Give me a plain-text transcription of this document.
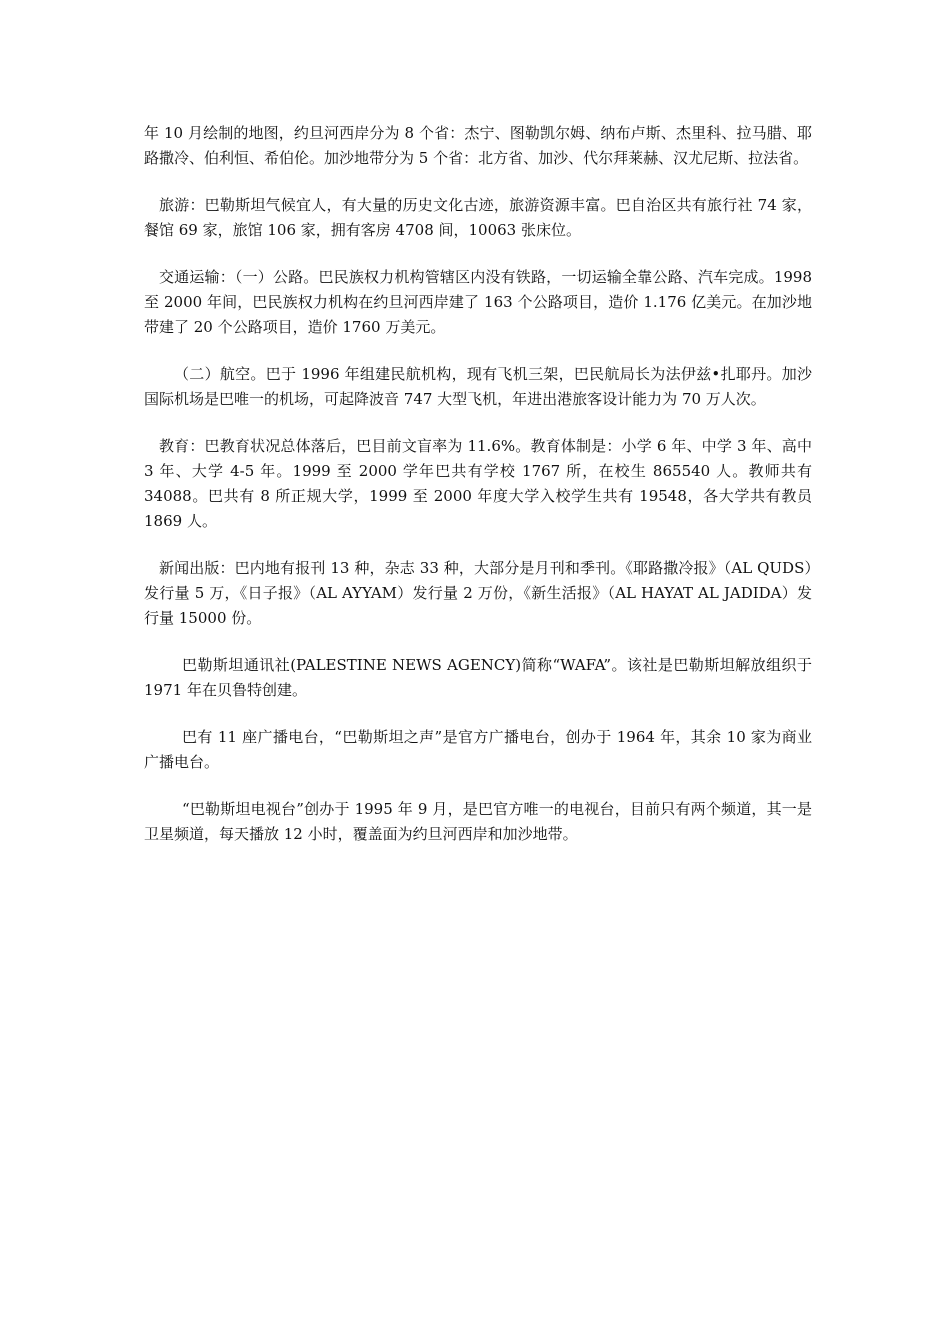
年 10 月绘制的地图，约旦河西岸分为 8 个省：杰宁、图勒凯尔姆、纳布卢斯、杰里科、拉马腊、耶路撒冷、伯利恒、希伯伦。加沙地带分为 5 个省：北方省、加沙、代尔拜莱赫、汉尤尼斯、拉法省。

旅游：巴勒斯坦气候宜人，有大量的历史文化古迹，旅游资源丰富。巴自治区共有旅行社 74 家，餐馆 69 家，旅馆 106 家，拥有客房 4708 间，10063 张床位。

交通运输：（一）公路。巴民族权力机构管辖区内没有铁路，一切运输全靠公路、汽车完成。1998 至 2000 年间，巴民族权力机构在约旦河西岸建了 163 个公路项目，造价 1.176 亿美元。在加沙地带建了 20 个公路项目，造价 1760 万美元。

（二）航空。巴于 1996 年组建民航机构，现有飞机三架，巴民航局长为法伊兹•扎耶丹。加沙国际机场是巴唯一的机场，可起降波音 747 大型飞机，年进出港旅客设计能力为 70 万人次。

教育：巴教育状况总体落后，巴目前文盲率为 11.6%。教育体制是：小学 6 年、中学 3 年、高中 3 年、大学 4-5 年。1999 至 2000 学年巴共有学校 1767 所，在校生 865540 人。教师共有 34088。巴共有 8 所正规大学，1999 至 2000 年度大学入校学生共有 19548，各大学共有教员 1869 人。

新闻出版：巴内地有报刊 13 种，杂志 33 种，大部分是月刊和季刊。《耶路撒冷报》（AL QUDS）发行量 5 万，《日子报》（AL AYYAM）发行量 2 万份，《新生活报》（AL HAYAT AL JADIDA）发行量 15000 份。

巴勒斯坦通讯社(PALESTINE NEWS AGENCY)简称“WAFA”。该社是巴勒斯坦解放组织于 1971 年在贝鲁特创建。

巴有 11 座广播电台，“巴勒斯坦之声”是官方广播电台，创办于 1964 年，其余 10 家为商业广播电台。

“巴勒斯坦电视台”创办于 1995 年 9 月，是巴官方唯一的电视台，目前只有两个频道，其一是卫星频道，每天播放 12 小时，覆盖面为约旦河西岸和加沙地带。
